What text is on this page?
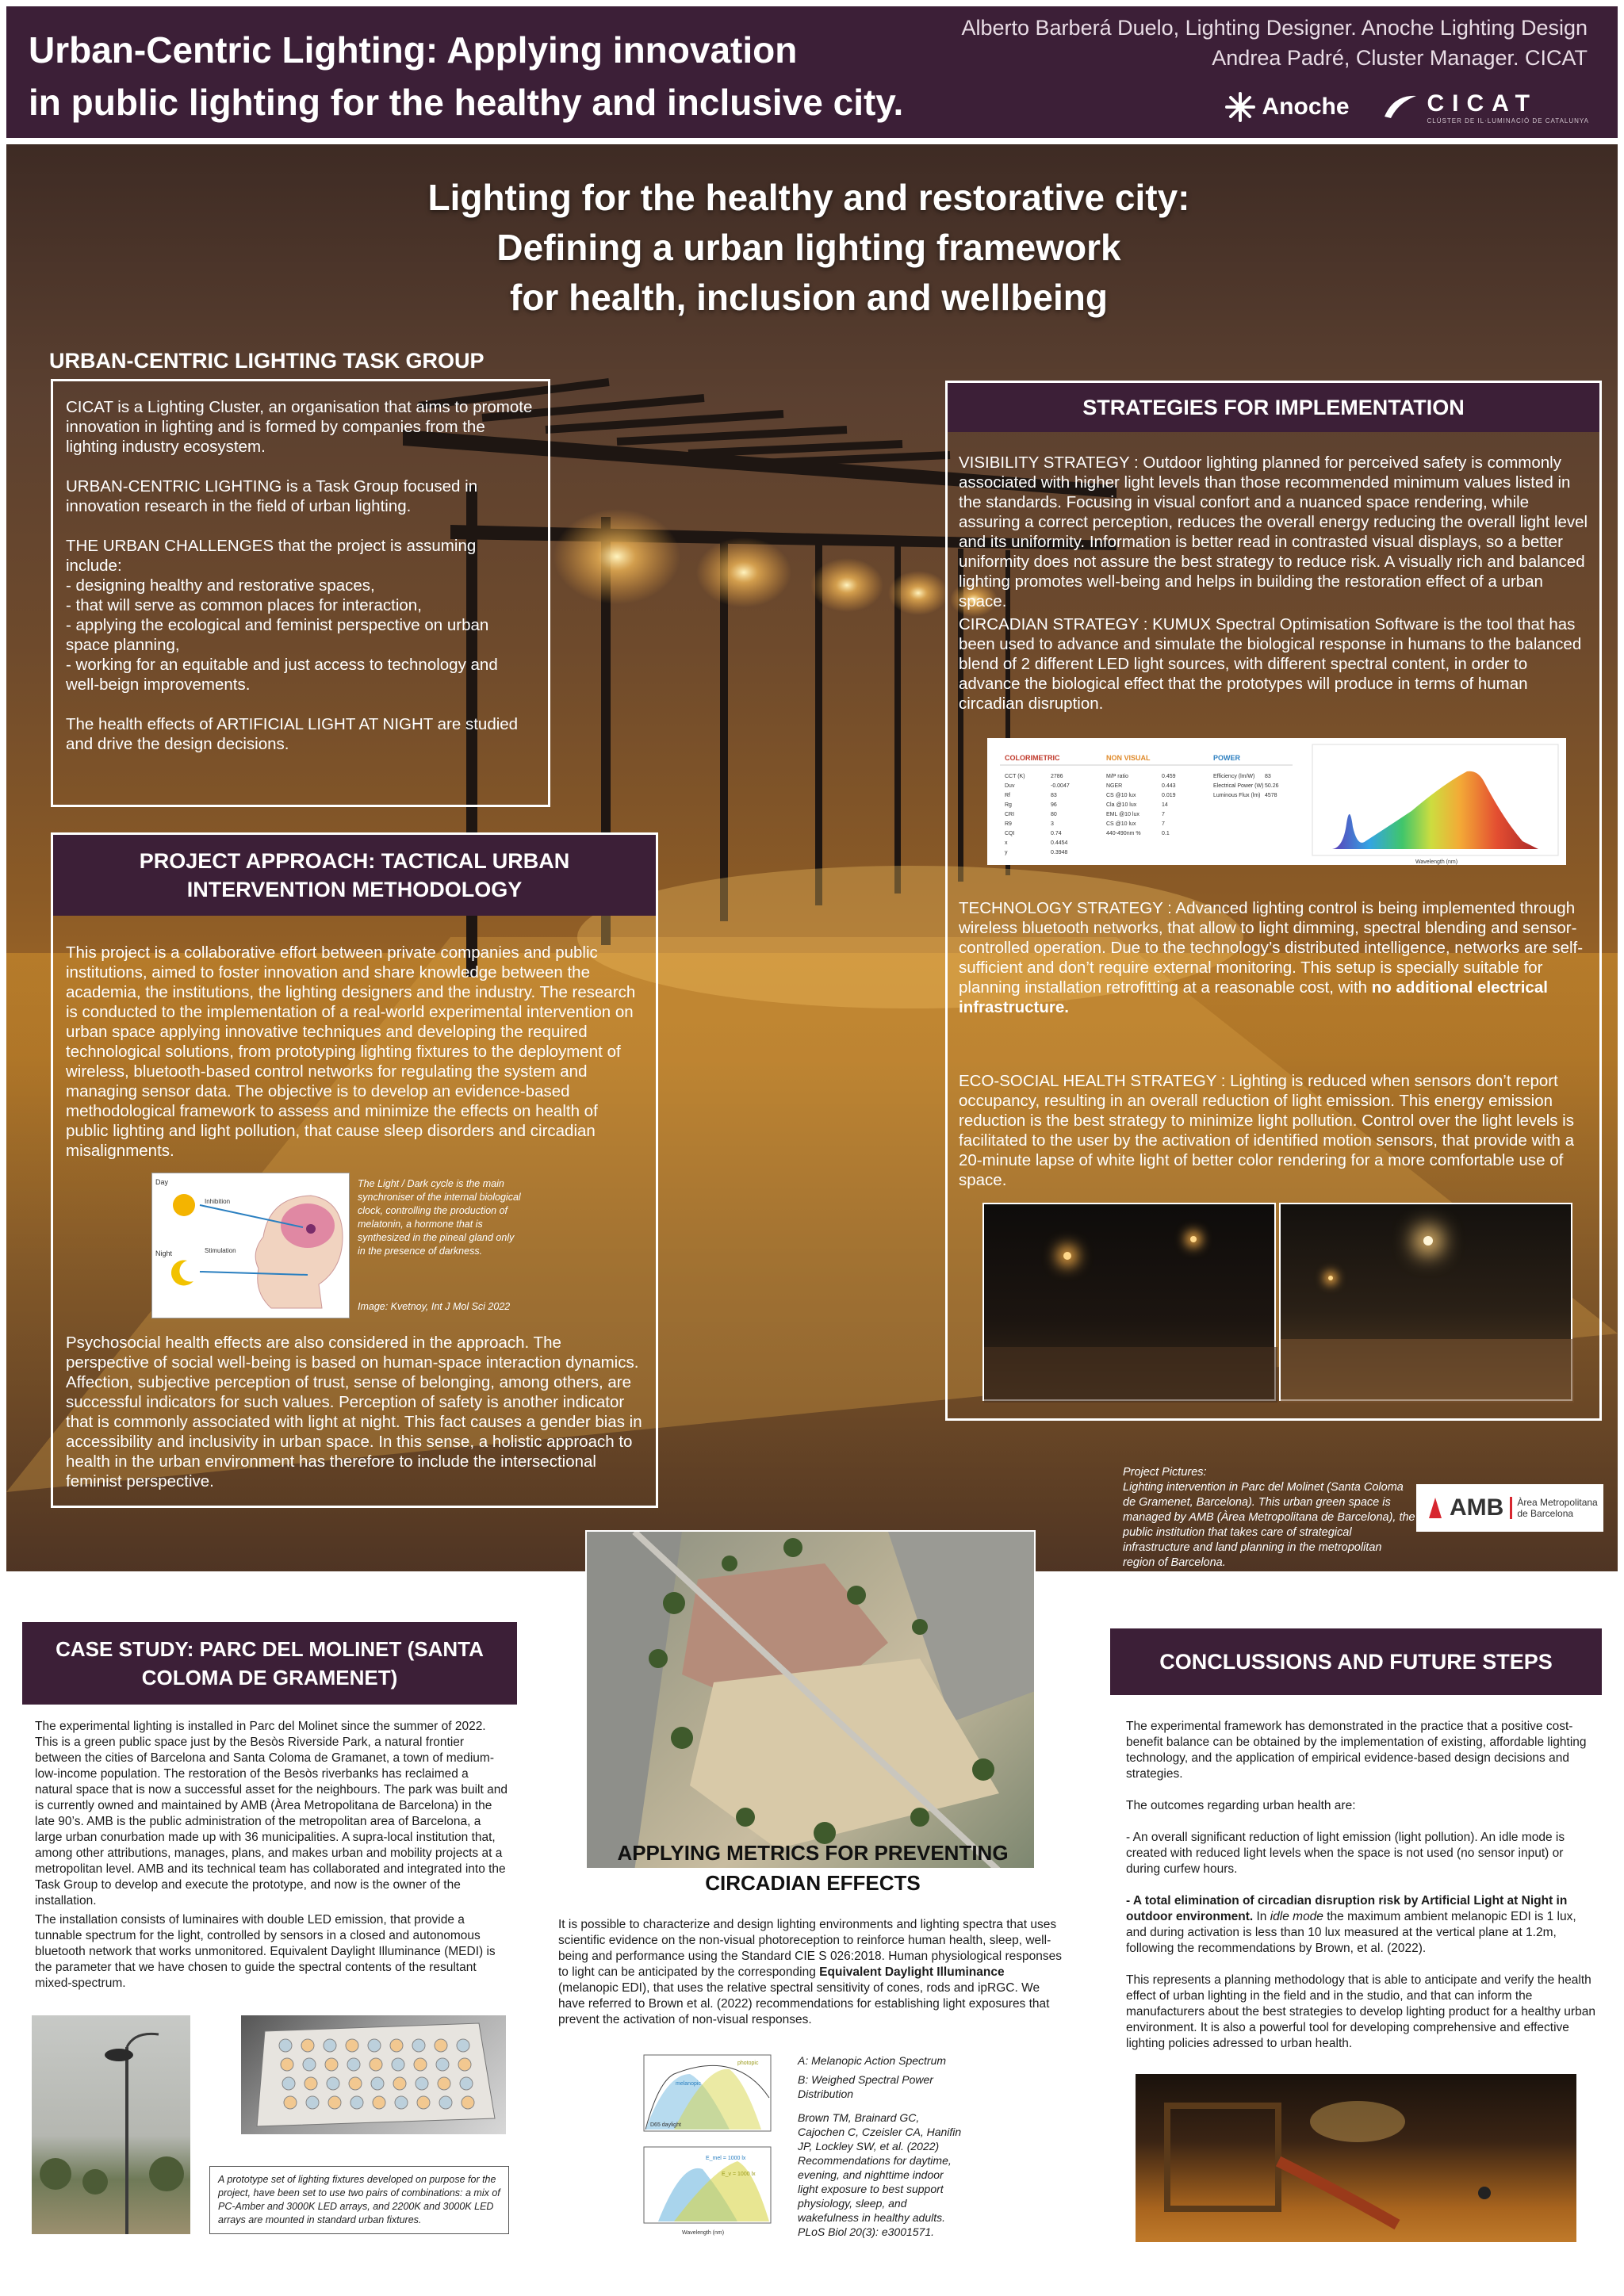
Urban-Centric Lighting: Applying innovation
in public lighting for the healthy and inclusive city.
Alberto Barberá Duelo, Lighting Designer. Anoche Lighting Design
Andrea Padré, Cluster Manager. CICAT
Anoche	CICAT
CLÚSTER DE IL·LUMINACIÓ DE CATALUNYA
Lighting for the healthy and restorative city:
Defining a urban lighting framework
for health, inclusion and wellbeing
URBAN-CENTRIC LIGHTING TASK GROUP
CICAT is a Lighting Cluster, an organisation that aims to promote innovation in lighting and is formed by companies from the lighting industry ecosystem.

URBAN-CENTRIC LIGHTING is a Task Group focused in innovation research in the field of urban lighting.

THE URBAN CHALLENGES that the project is assuming include:
- designing healthy and restorative spaces,
- that will serve as common places for interaction,
- applying the ecological and feminist perspective on urban space planning,
- working for an equitable and just access to technology and well-beign improvements.

The health effects of ARTIFICIAL LIGHT AT NIGHT are studied and drive the design decisions.
PROJECT APPROACH: TACTICAL URBAN
INTERVENTION METHODOLOGY
This project is a collaborative effort between private companies and public institutions, aimed to foster innovation and share knowledge between the academia, the institutions, the lighting designers and the industry. The research is conducted to the implementation of a real-world experimental intervention on urban space applying innovative techniques and developing the required technological solutions, from prototyping lighting fixtures to the deployment of wireless, bluetooth-based control networks for regulating the system and managing sensor data. The objective is to develop an evidence-based methodological framework to assess and minimize the effects on health of public lighting and light pollution, that cause sleep disorders and circadian misalignments.
Day
Night
Inhibition
Stimulation
The Light / Dark cycle is the main synchroniser of the internal biological clock, controlling the production of melatonin, a hormone that is synthesized in the pineal gland only in the presence of darkness.
Image: Kvetnoy, Int J Mol Sci 2022
Psychosocial health effects are also considered in the approach. The perspective of social well-being is based on human-space interaction dynamics. Affection, subjective perception of trust, sense of belonging, among others, are successful indicators for such values. Perception of safety is another indicator that is commonly associated with light at night. This fact causes a gender bias in accessibility and inclusivity in urban space. In this sense, a holistic approach to health in the urban environment has therefore to include the intersectional feminist perspective.
STRATEGIES FOR IMPLEMENTATION
VISIBILITY STRATEGY : Outdoor lighting planned for perceived safety is commonly associated with higher light levels than those recommended minimum values listed in the standards. Focusing in visual confort and a nuanced space rendering, while assuring a correct perception, reduces the overall energy reducing the overall light level and its uniformity. Information is better read in contrasted visual displays, so a better uniformity does not assure the best strategy to reduce risk. A visually rich and balanced lighting promotes well-being and helps in building the restoration effect of a urban space.
CIRCADIAN STRATEGY : KUMUX Spectral Optimisation Software is the tool that has been used to advance and simulate the biological response in humans to the balanced blend of 2 different LED light sources, with different spectral content, in order to advance the biological effect that the prototypes will produce in terms of human circadian disruption.
COLORIMETRIC	NON VISUAL	POWER
CCT (K)	2786
Duv	-0.0047
Rf	83
Rg	96
CRI	80
R9	3
CQI	0.74
x	0.4454
y	0.3948
M/P ratio	0.459
NGER	0.443
CS @10 lux	0.019
Cla @10 lux	14
EML @10 lux	7
CS @10 lux	7
440-490nm %	0.1
Efficiency (lm/W) 83
Electrical Power (W) 50.26
Luminous Flux (lm) 4578
Wavelength (nm)
TECHNOLOGY STRATEGY : Advanced lighting control is being implemented through wireless bluetooth networks, that allow to light dimming, spectral blending and sensor-controlled operation. Due to the technology’s distributed intelligence, networks are self-sufficient and don’t require external monitoring. This setup is specially suitable for planning installation retrofitting at a reasonable cost, with no additional electrical infrastructure.
ECO-SOCIAL HEALTH STRATEGY : Lighting is reduced when sensors don’t report occupancy, resulting in an overall reduction of light emission. This energy emission reduction is the best strategy to minimize light pollution. Control over the light levels is facilitated to the user by the activation of identified motion sensors, that provide with a 20-minute lapse of white light of better color rendering for a more comfortable use of space.
Project Pictures:
Lighting intervention in Parc del Molinet (Santa Coloma de Gramenet, Barcelona). This urban green space is managed by AMB (Àrea Metropolitana de Barcelona), the public institution that takes care of strategical infrastructure and land planning in the metropolitan region of Barcelona.
AMB	Àrea Metropolitana
de Barcelona
CASE STUDY: PARC DEL MOLINET (SANTA
COLOMA DE GRAMENET)
The experimental lighting is installed in Parc del Molinet since the summer of 2022. This is a green public space just by the Besòs Riverside Park, a natural frontier between the cities of Barcelona and Santa Coloma de Gramanet, a town of medium-low-income population. The restoration of the Besòs riverbanks has reclaimed a natural space that is now a successful asset for the neighbours. The park was built and is currently owned and maintained by AMB (Àrea Metropolitana de Barcelona) in the late 90’s. AMB is the public administration of the metropolitan area of Barcelona, a large urban conurbation made up with 36 municipalities. A supra-local institution that, among other attributions, manages, plans, and makes urban and mobility projects at a metropolitan level. AMB and its technical team has collaborated and integrated into the Task Group to develop and execute the prototype, and now is the owner of the installation.
The installation consists of luminaires with double LED emission, that provide a tunnable spectrum for the light, controlled by sensors in a closed and autonomous bluetooth network that works unmonitored. Equivalent Daylight Illuminance (MEDI) is the parameter that we have chosen to guide the spectral contents of the resultant mixed-spectrum.
A prototype set of lighting fixtures developed on purpose for the project, have been set to use two pairs of combinations: a mix of PC-Amber and 3000K LED arrays, and 2200K and 3000K LED arrays are mounted in standard urban fixtures.
APPLYING METRICS FOR PREVENTING
CIRCADIAN EFFECTS
It is possible to characterize and design lighting environments and lighting spectra that uses scientific evidence on the non-visual photoreception to reinforce human health, sleep, well-being and performance using the Standard CIE S 026:2018. Human physiological responses to light can be anticipated by the corresponding Equivalent Daylight Illuminance (melanopic EDI), that uses the relative spectral sensitivity of cones, rods and ipRGC. We have referred to Brown et al. (2022) recommendations for establishing light exposures that prevent the activation of non-visual responses.
D65 daylight
melanopic
photopic
E_mel = 1000 lx
E_v = 1000 lx
Wavelength (nm)
A: Melanopic Action Spectrum
B: Weighed Spectral Power Distribution
Brown TM, Brainard GC, Cajochen C, Czeisler CA, Hanifin JP, Lockley SW, et al. (2022) Recommendations for daytime, evening, and nighttime indoor light exposure to best support physiology, sleep, and wakefulness in healthy adults. PLoS Biol 20(3): e3001571.
CONCLUSSIONS AND FUTURE STEPS
The experimental framework has demonstrated in the practice that a positive cost-benefit balance can be obtained by the implementation of existing, affordable lighting technology, and the application of empirical evidence-based design decisions and strategies.
The outcomes regarding urban health are:
- An overall significant reduction of light emission (light pollution). An idle mode is created with reduced light levels when the space is not used (no sensor input) or during curfew hours.
- A total elimination of circadian disruption risk by Artificial Light at Night in outdoor environment. In idle mode the maximum ambient melanopic EDI is 1 lux, and during activation is less than 10 lux measured at the vertical plane at 1.2m, following the recommendations by Brown, et al. (2022).
This represents a planning methodology that is able to anticipate and verify the health effect of urban lighting in the field and in the studio, and that can inform the manufacturers about the best strategies to develop lighting product for a healthy urban environment. It is also a powerful tool for developing comprehensive and effective lighting policies adressed to urban health.
